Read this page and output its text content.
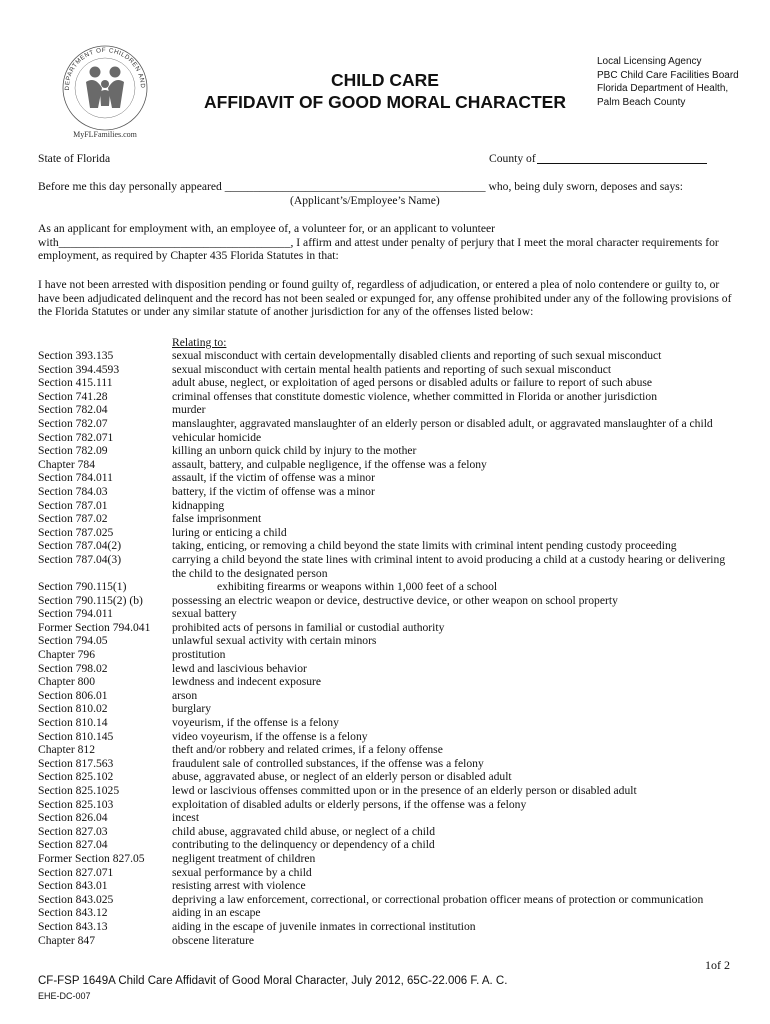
DEPARTMENT OF CHILDREN AND
MyFLFamilies.com
CHILD CARE
AFFIDAVIT OF GOOD MORAL CHARACTER
Local Licensing Agency
PBC Child Care Facilities Board
Florida Department of Health,
Palm Beach County
State of Florida	County of
Before me this day personally appeared _____________________________________________ who, being duly sworn, deposes and says:
(Applicant’s/Employee’s Name)
As an applicant for employment with, an employee of, a volunteer for, or an applicant to volunteer with________________________________________, I affirm and attest under penalty of perjury that I meet the moral character requirements for employment, as required by Chapter 435 Florida Statutes in that:
I have not been arrested with disposition pending or found guilty of, regardless of adjudication, or entered a plea of nolo contendere or guilty to, or have been adjudicated delinquent and the record has not been sealed or expunged for, any offense prohibited under any of the following provisions of the Florida Statutes or under any similar statute of another jurisdiction for any of the offenses listed below:
Relating to:
Section 393.135	sexual misconduct with certain developmentally disabled clients and reporting of such sexual misconduct
Section 394.4593	sexual misconduct with certain mental health patients and reporting of such sexual misconduct
Section 415.111	adult abuse, neglect, or exploitation of aged persons or disabled adults or failure to report of such abuse
Section 741.28	criminal offenses that constitute domestic violence, whether committed in Florida or another jurisdiction
Section 782.04	murder
Section 782.07	manslaughter, aggravated manslaughter of an elderly person or disabled adult, or aggravated manslaughter of a child
Section 782.071	vehicular homicide
Section 782.09	killing an unborn quick child by injury to the mother
Chapter 784	assault, battery, and culpable negligence, if the offense was a felony
Section 784.011	assault, if the victim of offense was a minor
Section 784.03	battery, if the victim of offense was a minor
Section 787.01	kidnapping
Section 787.02	false imprisonment
Section 787.025	luring or enticing a child
Section 787.04(2)	taking, enticing, or removing a child beyond the state limits with criminal intent pending custody proceeding
Section 787.04(3)	carrying a child beyond the state lines with criminal intent to avoid producing a child at a custody hearing or delivering the child to the designated person
Section 790.115(1)	exhibiting firearms or weapons within 1,000 feet of a school
Section 790.115(2) (b)	possessing an electric weapon or device, destructive device, or other weapon on school property
Section 794.011	sexual battery
Former Section 794.041	prohibited acts of persons in familial or custodial authority
Section 794.05	unlawful sexual activity with certain minors
Chapter 796	prostitution
Section 798.02	lewd and lascivious behavior
Chapter 800	lewdness and indecent exposure
Section 806.01	arson
Section 810.02	burglary
Section 810.14	voyeurism, if the offense is a felony
Section 810.145	video voyeurism, if the offense is a felony
Chapter 812	theft and/or robbery and related crimes, if a felony offense
Section 817.563	fraudulent sale of controlled substances, if the offense was a felony
Section 825.102	abuse, aggravated abuse, or neglect of an elderly person or disabled adult
Section 825.1025	lewd or lascivious offenses committed upon or in the presence of an elderly person or disabled adult
Section 825.103	exploitation of disabled adults or elderly persons, if the offense was a felony
Section 826.04	incest
Section 827.03	child abuse, aggravated child abuse, or neglect of a child
Section 827.04	contributing to the delinquency or dependency of a child
Former Section 827.05	negligent treatment of children
Section 827.071	sexual performance by a child
Section 843.01	resisting arrest with violence
Section 843.025	depriving a law enforcement, correctional, or correctional probation officer means of protection or communication
Section 843.12	aiding in an escape
Section 843.13	aiding in the escape of juvenile inmates in correctional institution
Chapter 847	obscene literature
1of 2
CF-FSP 1649A Child Care Affidavit of Good Moral Character, July 2012, 65C-22.006 F. A. C.
EHE-DC-007
